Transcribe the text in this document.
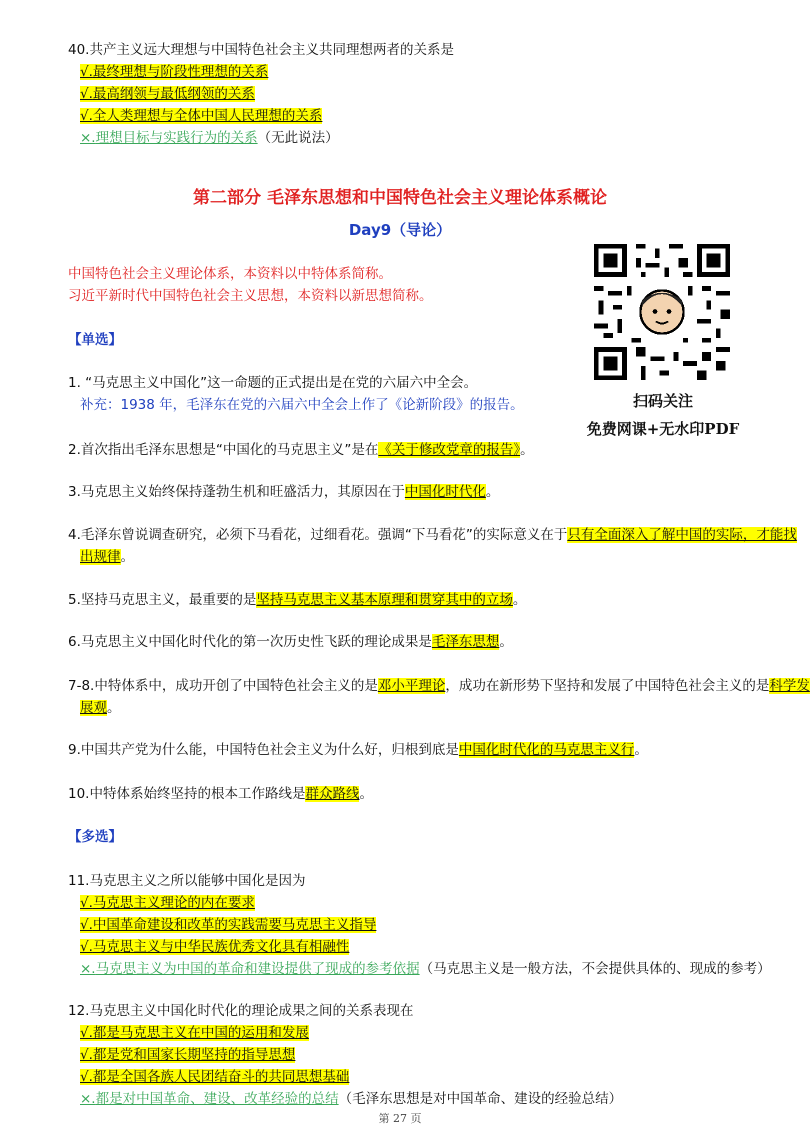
40.共产主义远大理想与中国特色社会主义共同理想两者的关系是
√.最终理想与阶段性理想的关系
√.最高纲领与最低纲领的关系
√.全人类理想与全体中国人民理想的关系
×.理想目标与实践行为的关系（无此说法）
第二部分 毛泽东思想和中国特色社会主义理论体系概论
Day9（导论）
中国特色社会主义理论体系，本资料以中特体系简称。
习近平新时代中国特色社会主义思想，本资料以新思想简称。
扫码关注
免费网课+无水印PDF
【单选】
1. “马克思主义中国化”这一命题的正式提出是在党的六届六中全会。
补充：1938 年，毛泽东在党的六届六中全会上作了《论新阶段》的报告。
2.首次指出毛泽东思想是“中国化的马克思主义”是在《关于修改党章的报告》。
3.马克思主义始终保持蓬勃生机和旺盛活力，其原因在于中国化时代化。
4.毛泽东曾说调查研究，必须下马看花，过细看花。强调“下马看花”的实际意义在于只有全面深入了解中国的实际，才能找
出规律。
5.坚持马克思主义，最重要的是坚持马克思主义基本原理和贯穿其中的立场。
6.马克思主义中国化时代化的第一次历史性飞跃的理论成果是毛泽东思想。
7-8.中特体系中，成功开创了中国特色社会主义的是邓小平理论，成功在新形势下坚持和发展了中国特色社会主义的是科学发
展观。
9.中国共产党为什么能，中国特色社会主义为什么好，归根到底是中国化时代化的马克思主义行。
10.中特体系始终坚持的根本工作路线是群众路线。
【多选】
11.马克思主义之所以能够中国化是因为
√.马克思主义理论的内在要求
√.中国革命建设和改革的实践需要马克思主义指导
√.马克思主义与中华民族优秀文化具有相融性
×.马克思主义为中国的革命和建设提供了现成的参考依据（马克思主义是一般方法，不会提供具体的、现成的参考）
12.马克思主义中国化时代化的理论成果之间的关系表现在
√.都是马克思主义在中国的运用和发展
√.都是党和国家长期坚持的指导思想
√.都是全国各族人民团结奋斗的共同思想基础
×.都是对中国革命、建设、改革经验的总结（毛泽东思想是对中国革命、建设的经验总结）
第 27 页
